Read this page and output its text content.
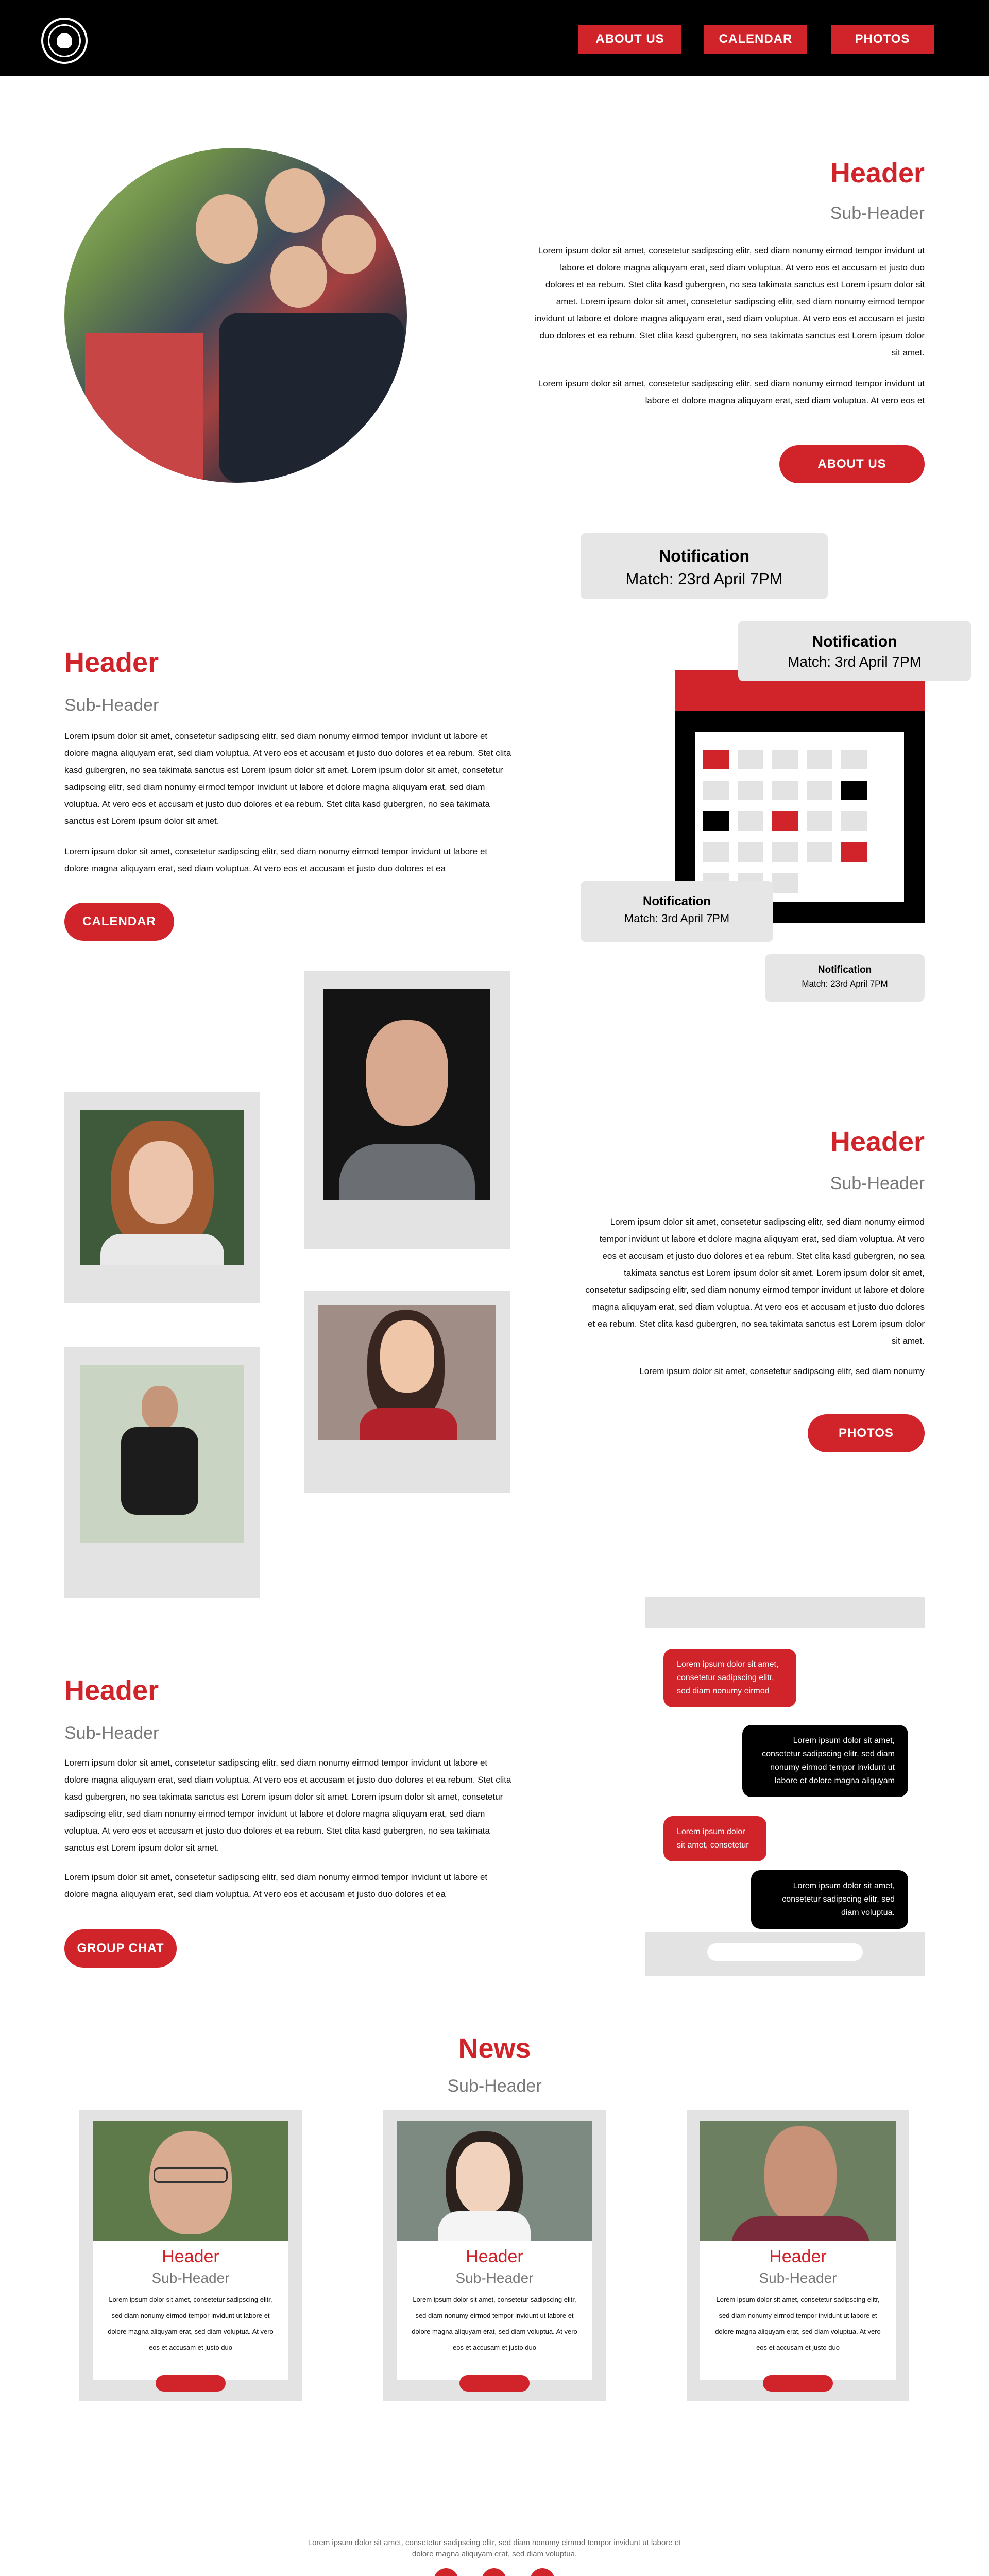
ABOUT US	CALENDAR	PHOTOS
Header
Sub-Header
Lorem ipsum dolor sit amet, consetetur sadipscing elitr, sed diam nonumy eirmod tempor invidunt ut labore et dolore magna aliquyam erat, sed diam voluptua. At vero eos et accusam et justo duo dolores et ea rebum. Stet clita kasd gubergren, no sea takimata sanctus est Lorem ipsum dolor sit amet. Lorem ipsum dolor sit amet, consetetur sadipscing elitr, sed diam nonumy eirmod tempor invidunt ut labore et dolore magna aliquyam erat, sed diam voluptua. At vero eos et accusam et justo duo dolores et ea rebum. Stet clita kasd gubergren, no sea takimata sanctus est Lorem ipsum dolor sit amet.
Lorem ipsum dolor sit amet, consetetur sadipscing elitr, sed diam nonumy eirmod tempor invidunt ut labore et dolore magna aliquyam erat, sed diam voluptua. At vero eos et
ABOUT US
Notification
Match: 23rd April 7PM
Notification
Match: 3rd April 7PM
Notification
Match: 3rd April 7PM
Notification
Match: 23rd April 7PM
Header
Sub-Header
Lorem ipsum dolor sit amet, consetetur sadipscing elitr, sed diam nonumy eirmod tempor invidunt ut labore et dolore magna aliquyam erat, sed diam voluptua. At vero eos et accusam et justo duo dolores et ea rebum. Stet clita kasd gubergren, no sea takimata sanctus est Lorem ipsum dolor sit amet. Lorem ipsum dolor sit amet, consetetur sadipscing elitr, sed diam nonumy eirmod tempor invidunt ut labore et dolore magna aliquyam erat, sed diam voluptua. At vero eos et accusam et justo duo dolores et ea rebum. Stet clita kasd gubergren, no sea takimata sanctus est Lorem ipsum dolor sit amet.
Lorem ipsum dolor sit amet, consetetur sadipscing elitr, sed diam nonumy eirmod tempor invidunt ut labore et dolore magna aliquyam erat, sed diam voluptua. At vero eos et accusam et justo duo dolores et ea
CALENDAR
Header
Sub-Header
Lorem ipsum dolor sit amet, consetetur sadipscing elitr, sed diam nonumy eirmod tempor invidunt ut labore et dolore magna aliquyam erat, sed diam voluptua. At vero eos et accusam et justo duo dolores et ea rebum. Stet clita kasd gubergren, no sea takimata sanctus est Lorem ipsum dolor sit amet. Lorem ipsum dolor sit amet, consetetur sadipscing elitr, sed diam nonumy eirmod tempor invidunt ut labore et dolore magna aliquyam erat, sed diam voluptua. At vero eos et accusam et justo duo dolores et ea rebum. Stet clita kasd gubergren, no sea takimata sanctus est Lorem ipsum dolor sit amet.
Lorem ipsum dolor sit amet, consetetur sadipscing elitr, sed diam nonumy
PHOTOS
Header
Sub-Header
Lorem ipsum dolor sit amet, consetetur sadipscing elitr, sed diam nonumy eirmod tempor invidunt ut labore et dolore magna aliquyam erat, sed diam voluptua. At vero eos et accusam et justo duo dolores et ea rebum. Stet clita kasd gubergren, no sea takimata sanctus est Lorem ipsum dolor sit amet. Lorem ipsum dolor sit amet, consetetur sadipscing elitr, sed diam nonumy eirmod tempor invidunt ut labore et dolore magna aliquyam erat, sed diam voluptua. At vero eos et accusam et justo duo dolores et ea rebum. Stet clita kasd gubergren, no sea takimata sanctus est Lorem ipsum dolor sit amet.
Lorem ipsum dolor sit amet, consetetur sadipscing elitr, sed diam nonumy eirmod tempor invidunt ut labore et dolore magna aliquyam erat, sed diam voluptua. At vero eos et accusam et justo duo dolores et ea
GROUP CHAT
Lorem ipsum dolor sit amet, consetetur sadipscing elitr, sed diam nonumy eirmod
Lorem ipsum dolor sit amet, consetetur sadipscing elitr, sed diam nonumy eirmod tempor invidunt ut labore et dolore magna aliquyam
Lorem ipsum dolor sit amet, consetetur
Lorem ipsum dolor sit amet, consetetur sadipscing elitr, sed diam voluptua.
News
Sub-Header
Header
Sub-Header
Lorem ipsum dolor sit amet, consetetur sadipscing elitr, sed diam nonumy eirmod tempor invidunt ut labore et dolore magna aliquyam erat, sed diam voluptua. At vero eos et accusam et justo duo
Header
Sub-Header
Lorem ipsum dolor sit amet, consetetur sadipscing elitr, sed diam nonumy eirmod tempor invidunt ut labore et dolore magna aliquyam erat, sed diam voluptua. At vero eos et accusam et justo duo
Header
Sub-Header
Lorem ipsum dolor sit amet, consetetur sadipscing elitr, sed diam nonumy eirmod tempor invidunt ut labore et dolore magna aliquyam erat, sed diam voluptua. At vero eos et accusam et justo duo
Lorem ipsum dolor sit amet, consetetur sadipscing elitr, sed diam nonumy eirmod tempor invidunt ut labore et dolore magna aliquyam erat, sed diam voluptua.
